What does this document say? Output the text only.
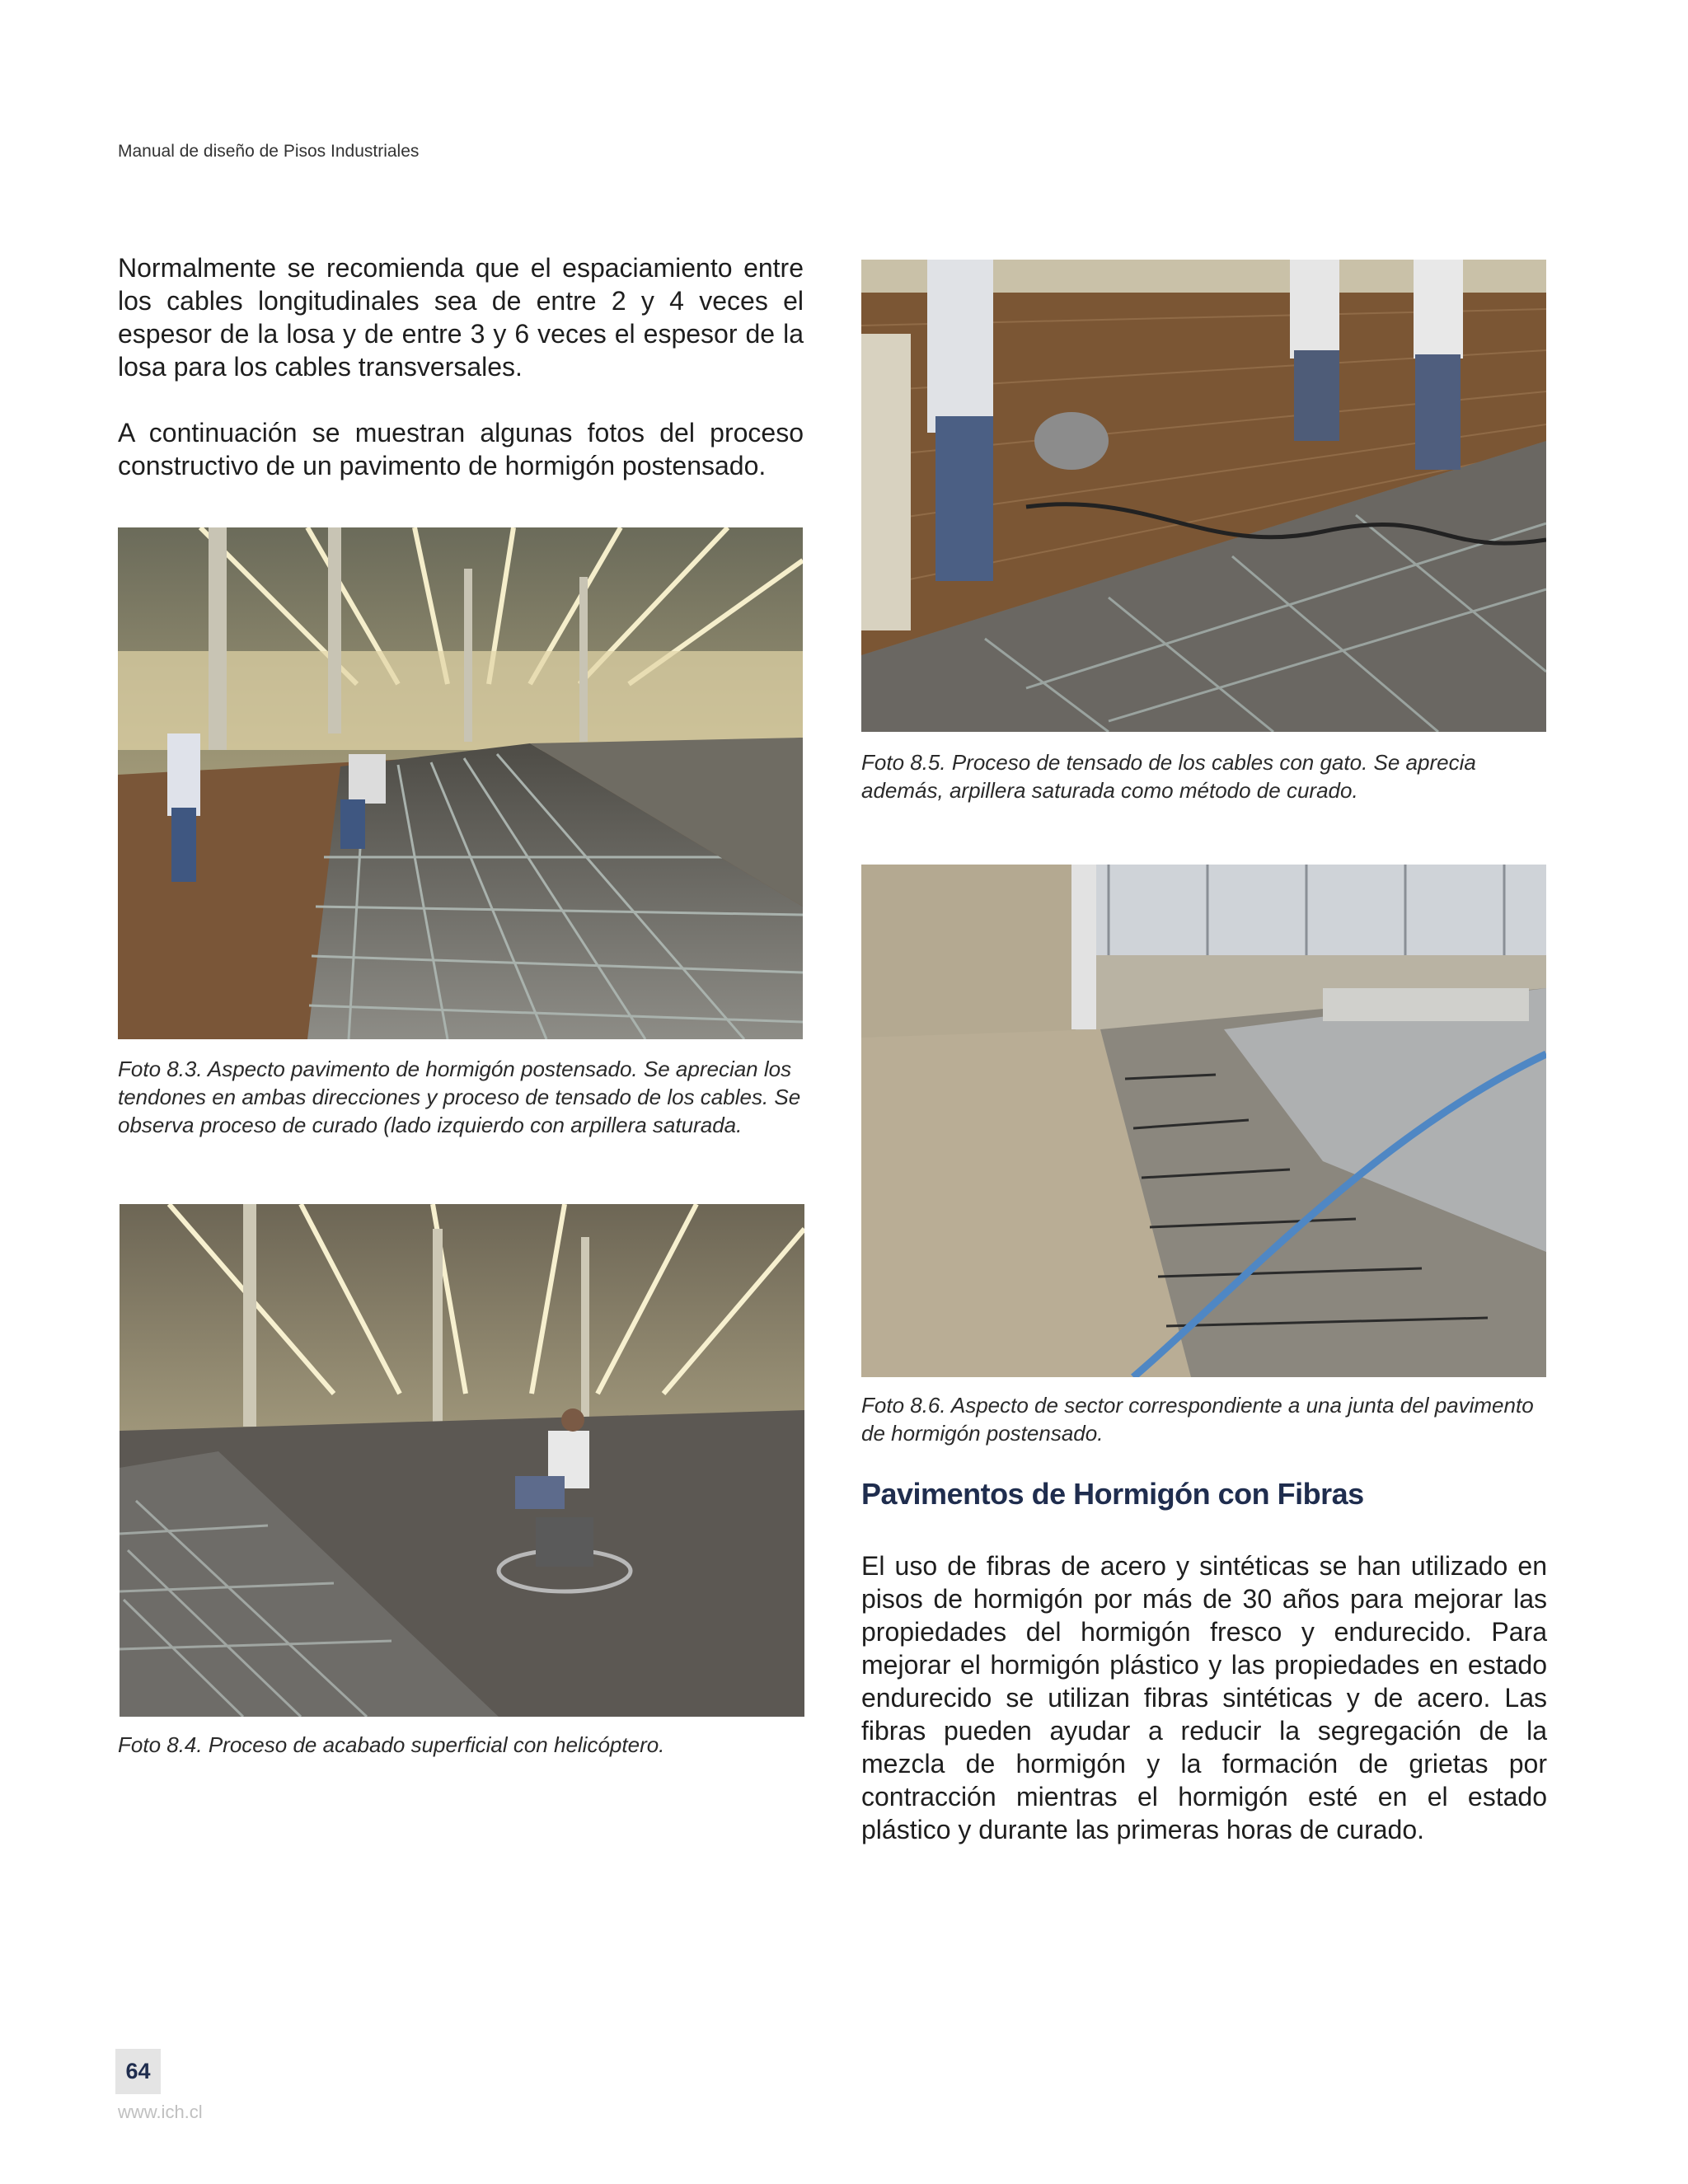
Manual de diseño de Pisos Industriales

Normalmente se recomienda que el espaciamiento entre los cables longitudinales sea de entre 2 y 4 veces el espesor de la losa y de entre 3 y 6 veces el espesor de la losa para los cables transversales.

A continuación se muestran algunas fotos del proceso constructivo de un pavimento de hormigón postensado.

Foto 8.3. Aspecto pavimento de hormigón postensado. Se aprecian los tendones en ambas direcciones y proceso de tensado de los cables. Se observa proceso de curado (lado izquierdo con arpillera saturada.

Foto 8.4. Proceso de acabado superficial con helicóptero.

Foto 8.5. Proceso de tensado de los cables con gato. Se aprecia además, arpillera saturada como método de curado.

Foto 8.6. Aspecto de sector correspondiente a una junta del pavimento de hormigón postensado.

Pavimentos de Hormigón con Fibras

El uso de fibras de acero y sintéticas se han utilizado en pisos de hormigón por más de 30 años para mejorar las propiedades del hormigón fresco y endurecido. Para mejorar el hormigón plástico y las propiedades en estado endurecido se utilizan fibras sintéticas y de acero. Las fibras pueden ayudar a reducir la segregación de la mezcla de hormigón y la formación de grietas por contracción mientras el hormigón esté en el estado plástico y durante las primeras horas de curado.

64
www.ich.cl
